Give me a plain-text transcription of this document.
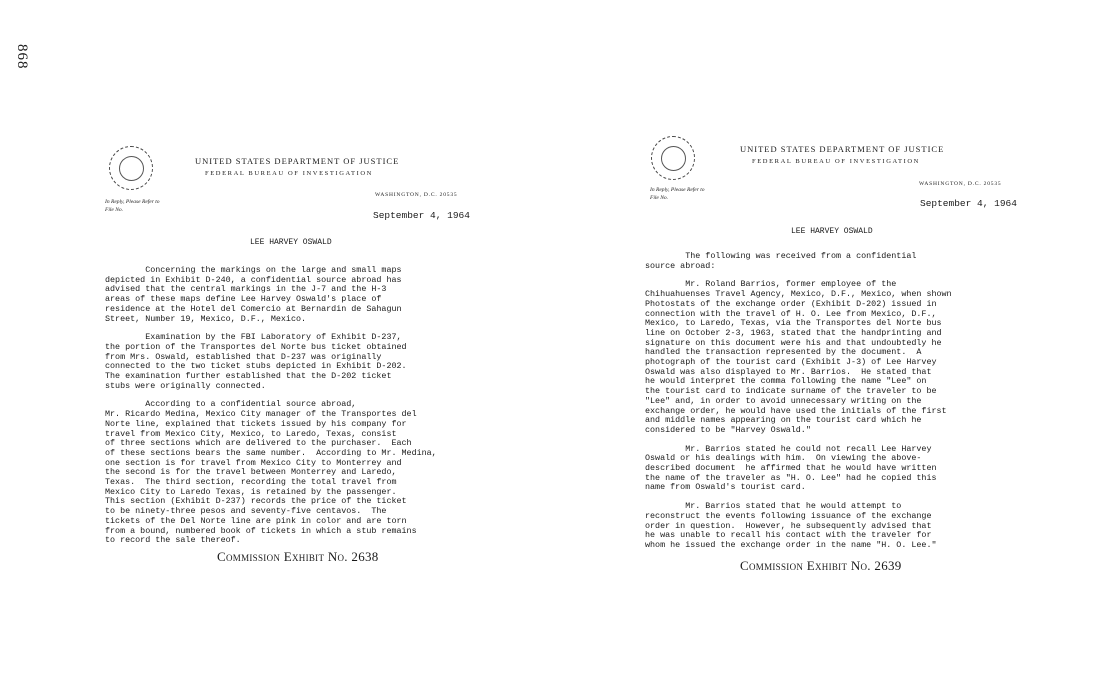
868
UNITED STATES DEPARTMENT OF JUSTICE
FEDERAL BUREAU OF INVESTIGATION
In Reply, Please Refer to
File No.
WASHINGTON, D.C. 20535
September 4, 1964
LEE HARVEY OSWALD

Concerning the markings on the large and small maps
depicted in Exhibit D-240, a confidential source abroad has
advised that the central markings in the J-7 and the H-3
areas of these maps define Lee Harvey Oswald's place of
residence at the Hotel del Comercio at Bernardin de Sahagun
Street, Number 19, Mexico, D.F., Mexico.

Examination by the FBI Laboratory of Exhibit D-237,
the portion of the Transportes del Norte bus ticket obtained
from Mrs. Oswald, established that D-237 was originally
connected to the two ticket stubs depicted in Exhibit D-202.
The examination further established that the D-202 ticket
stubs were originally connected.

According to a confidential source abroad,
Mr. Ricardo Medina, Mexico City manager of the Transportes del
Norte line, explained that tickets issued by his company for
travel from Mexico City, Mexico, to Laredo, Texas, consist
of three sections which are delivered to the purchaser.  Each
of these sections bears the same number.  According to Mr. Medina,
one section is for travel from Mexico City to Monterrey and
the second is for the travel between Monterrey and Laredo,
Texas.  The third section, recording the total travel from
Mexico City to Laredo Texas, is retained by the passenger.
This section (Exhibit D-237) records the price of the ticket
to be ninety-three pesos and seventy-five centavos.  The
tickets of the Del Norte line are pink in color and are torn
from a bound, numbered book of tickets in which a stub remains
to record the sale thereof.

Commission Exhibit No. 2638
UNITED STATES DEPARTMENT OF JUSTICE
FEDERAL BUREAU OF INVESTIGATION
In Reply, Please Refer to
File No.
WASHINGTON, D.C. 20535
September 4, 1964
LEE HARVEY OSWALD

The following was received from a confidential
source abroad:

Mr. Roland Barrios, former employee of the
Chihuahuenses Travel Agency, Mexico, D.F., Mexico, when shown
Photostats of the exchange order (Exhibit D-202) issued in
connection with the travel of H. O. Lee from Mexico, D.F.,
Mexico, to Laredo, Texas, via the Transportes del Norte bus
line on October 2-3, 1963, stated that the handprinting and
signature on this document were his and that undoubtedly he
handled the transaction represented by the document.  A
photograph of the tourist card (Exhibit J-3) of Lee Harvey
Oswald was also displayed to Mr. Barrios.  He stated that
he would interpret the comma following the name "Lee" on
the tourist card to indicate surname of the traveler to be
"Lee" and, in order to avoid unnecessary writing on the
exchange order, he would have used the initials of the first
and middle names appearing on the tourist card which he
considered to be "Harvey Oswald."

Mr. Barrios stated he could not recall Lee Harvey
Oswald or his dealings with him.  On viewing the above-
described document  he affirmed that he would have written
the name of the traveler as "H. O. Lee" had he copied this
name from Oswald's tourist card.

Mr. Barrios stated that he would attempt to
reconstruct the events following issuance of the exchange
order in question.  However, he subsequently advised that
he was unable to recall his contact with the traveler for
whom he issued the exchange order in the name "H. O. Lee."

Commission Exhibit No. 2639
